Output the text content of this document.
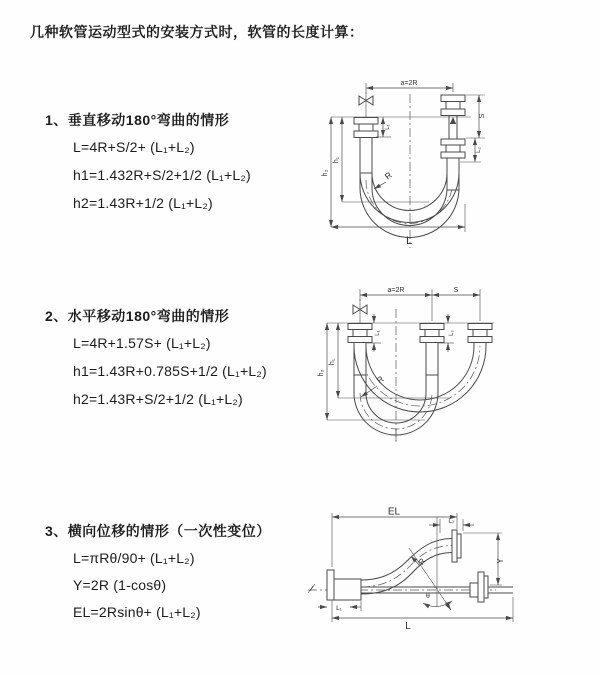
几种软管运动型式的安装方式时，软管的长度计算：
1、垂直移动180°弯曲的情形
L=4R+S/2+ (L₁+L₂)
h1=1.432R+S/2+1/2 (L₁+L₂)
h2=1.43R+1/2 (L₁+L₂)
2、水平移动180°弯曲的情形
L=4R+1.57S+ (L₁+L₂)
h1=1.43R+0.785S+1/2 (L₁+L₂)
h2=1.43R+S/2+1/2 (L₁+L₂)
3、横向位移的情形（一次性变位）
L=πRθ/90+ (L₁+L₂)
Y=2R (1-cosθ)
EL=2Rsinθ+ (L₁+L₂)
a=2R
h₂
h₁
L
L₁
S
L₂
R
a=2R	S
h₂
h₁
L₁	L₂
R
EL
L₂
Y
θ
R
L
L₁
